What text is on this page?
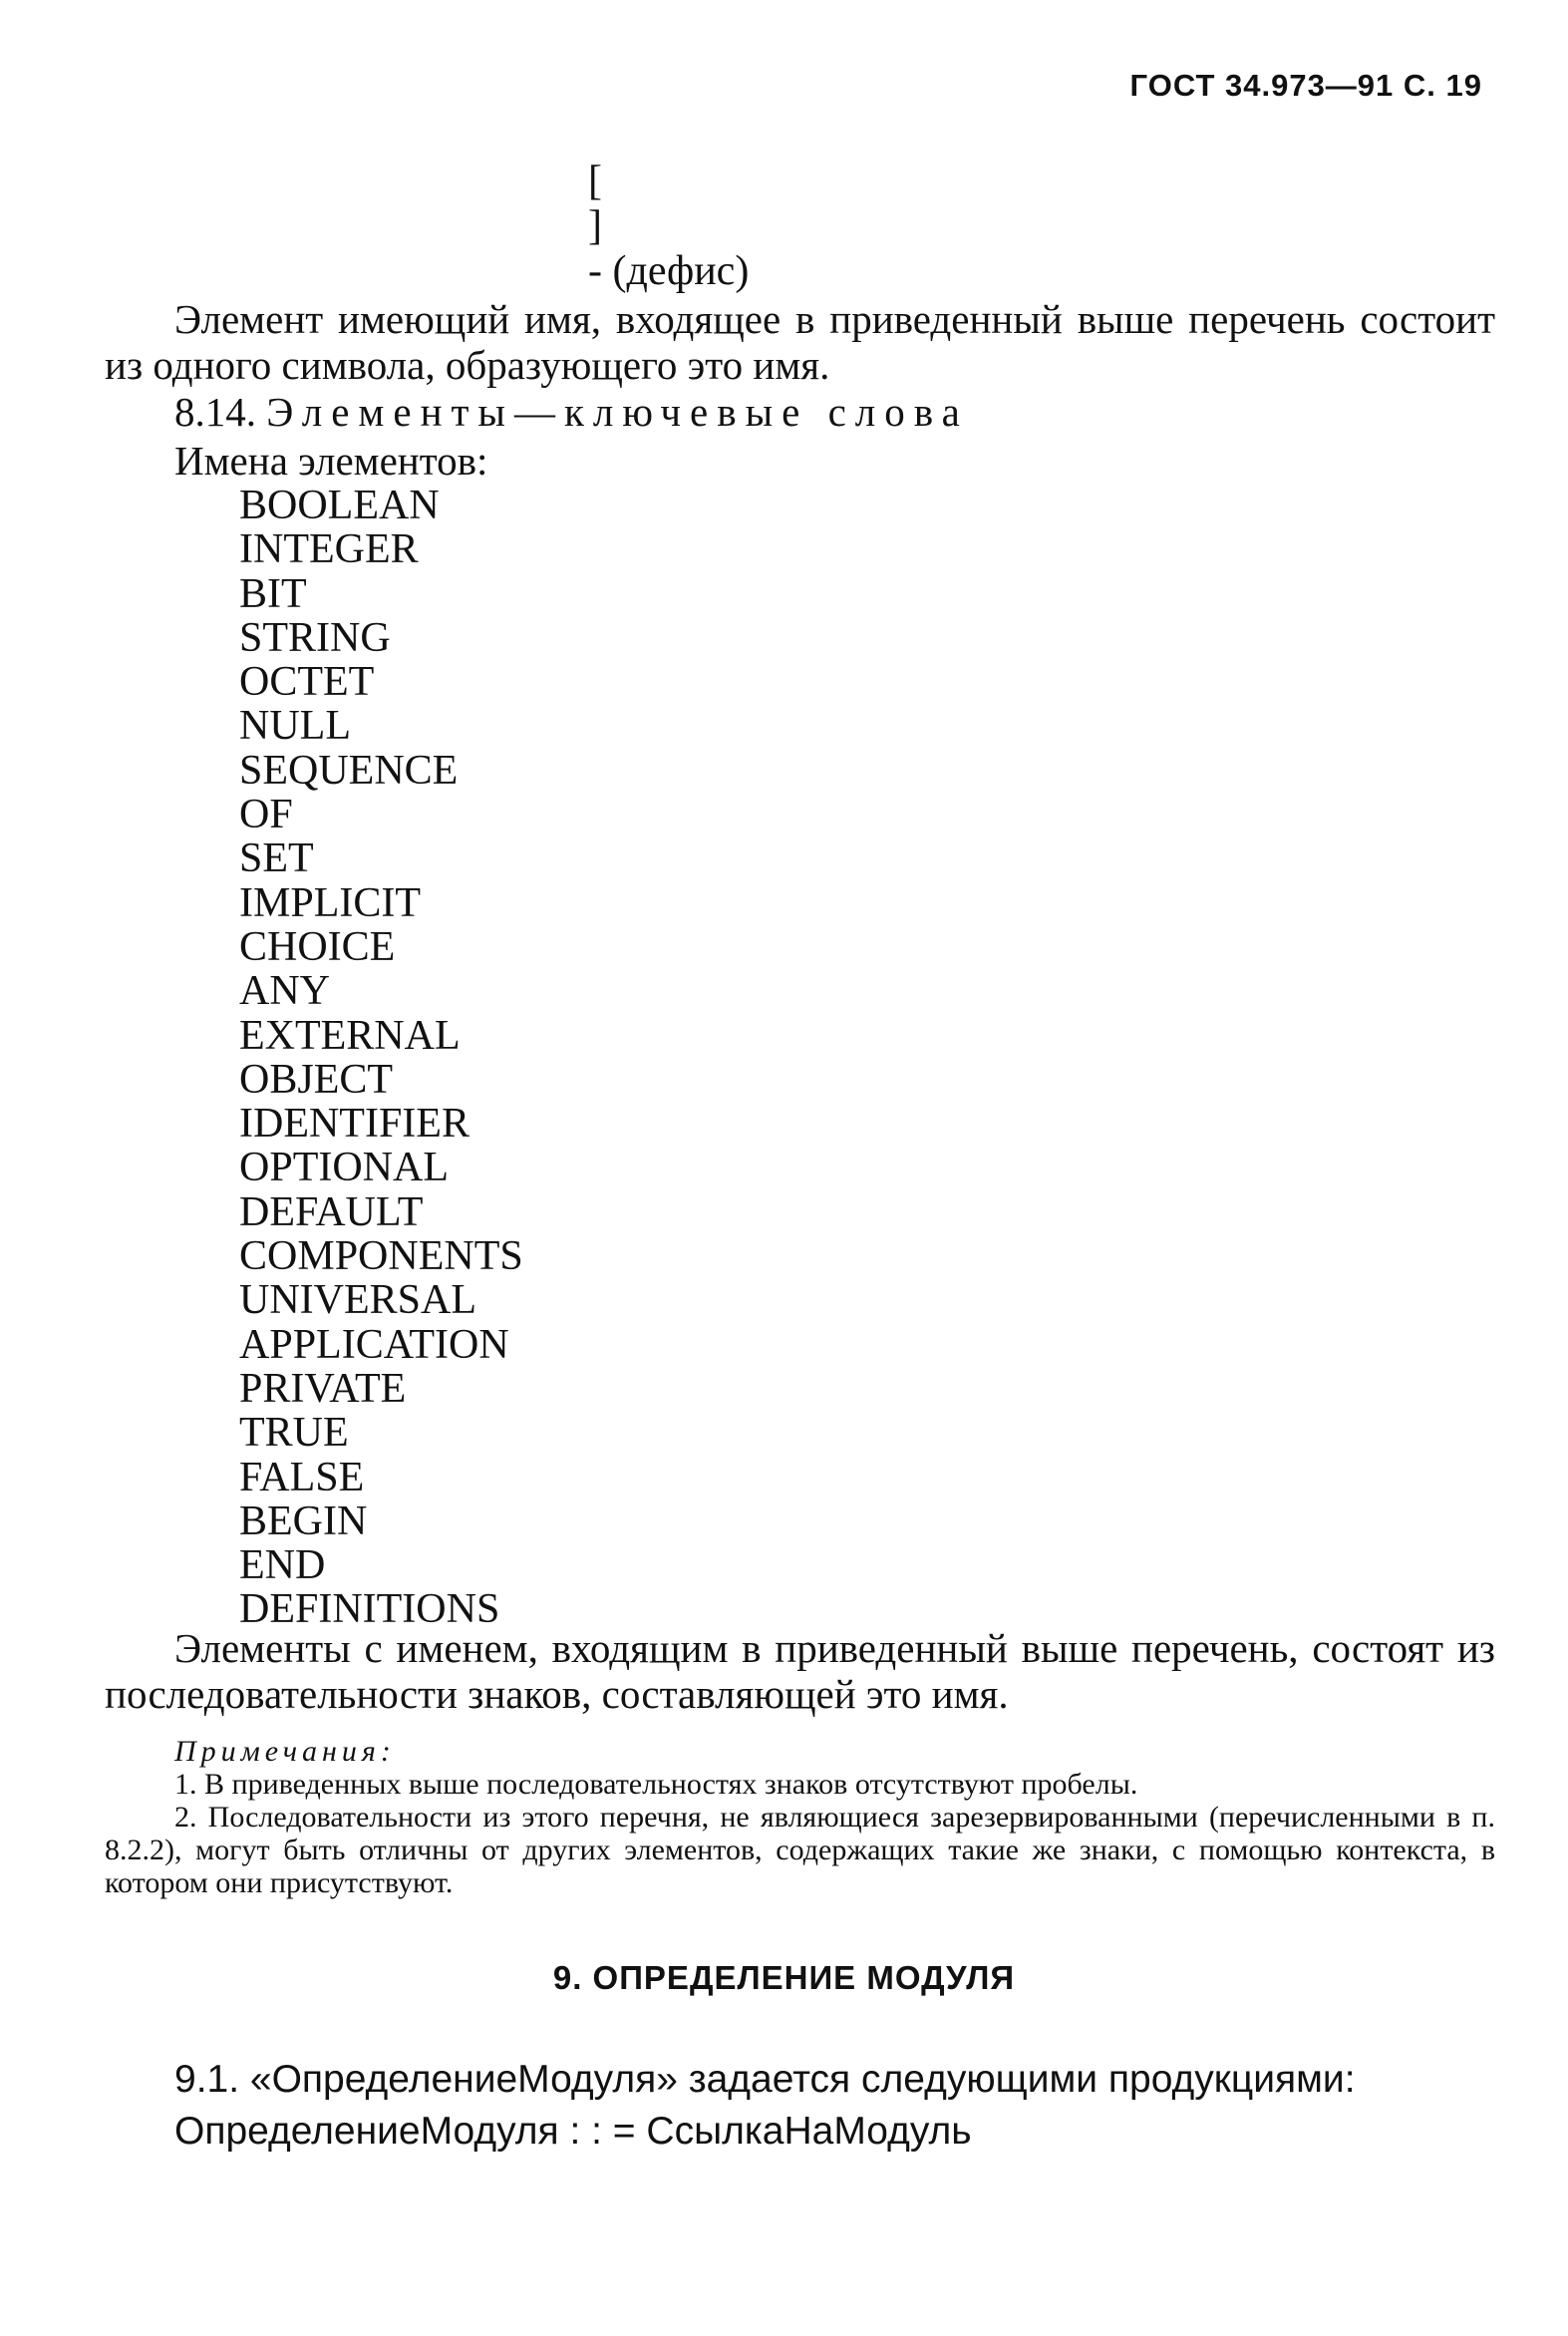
ГОСТ 34.973—91 С. 19
[
]
- (дефис)

Элемент имеющий имя, входящее в приведенный выше перечень состоит из одного символа, образующего это имя.

8.14. Элементы—ключевые слова
Имена элементов:
BOOLEAN
INTEGER
BIT
STRING
OCTET
NULL
SEQUENCE
OF
SET
IMPLICIT
CHOICE
ANY
EXTERNAL
OBJECT
IDENTIFIER
OPTIONAL
DEFAULT
COMPONENTS
UNIVERSAL
APPLICATION
PRIVATE
TRUE
FALSE
BEGIN
END
DEFINITIONS

Элементы с именем, входящим в приведенный выше перечень, состоят из последовательности знаков, составляющей это имя.

Примечания:

1. В приведенных выше последовательностях знаков отсутствуют пробелы.

2. Последовательности из этого перечня, не являющиеся зарезервированными (перечисленными в п. 8.2.2), могут быть отличны от других элементов, содержащих такие же знаки, с помощью контекста, в котором они присутствуют.

9. ОПРЕДЕЛЕНИЕ МОДУЛЯ

9.1. «ОпределениеМодуля» задается следующими продукциями:

ОпределениеМодуля : : = СсылкаНаМодуль
